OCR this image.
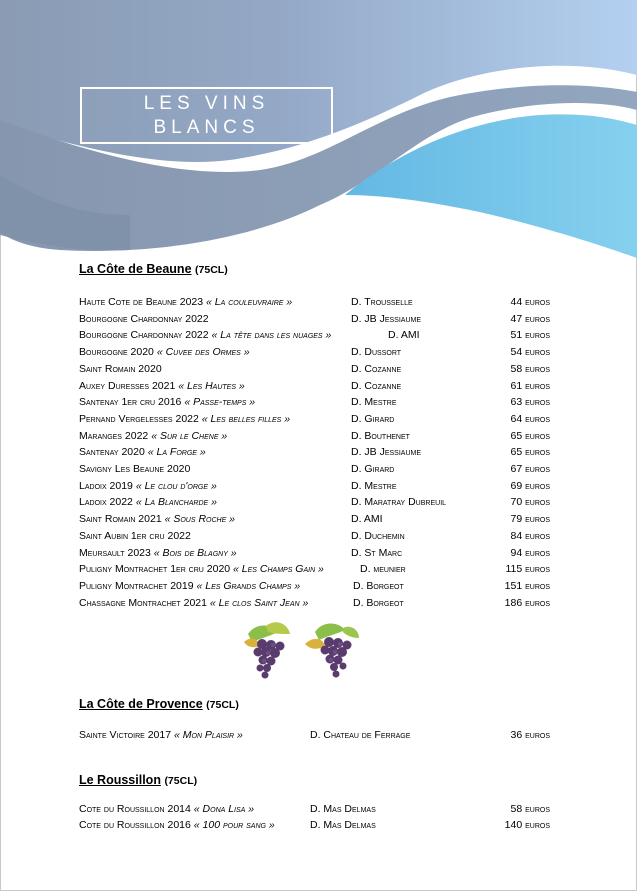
LES VINS
BLANCS
La Côte de Beaune (75CL)
Haute Cote de Beaune 2023 « La couleuvraire »	D. Trousselle	44 euros
Bourgogne Chardonnay 2022	D. JB Jessiaume	47 euros
Bourgogne Chardonnay 2022 « La tête dans les nuages »	D. AMI	51 euros
Bourgogne 2020 « Cuvee des Ormes »	D. Dussort	54 euros
Saint Romain 2020	D. Cozanne	58 euros
Auxey Duresses 2021 « Les Hautes »	D. Cozanne	61 euros
Santenay 1er cru 2016 « Passe-temps »	D. Mestre	63 euros
Pernand Vergelesses 2022 « Les belles filles »	D. Girard	64 euros
Maranges 2022 « Sur le Chene »	D. Bouthenet	65 euros
Santenay 2020 « La Forge »	D. JB Jessiaume	65 euros
Savigny Les Beaune 2020	D. Girard	67 euros
Ladoix 2019 « Le clou d'orge »	D. Mestre	69 euros
Ladoix 2022 « La Blancharde »	D. Maratray Dubreuil	70 euros
Saint Romain 2021 « Sous Roche »	D. AMI	79 euros
Saint Aubin 1er cru 2022	D. Duchemin	84 euros
Meursault 2023 « Bois de Blagny »	D. St Marc	94 euros
Puligny Montrachet 1er cru 2020 « Les Champs Gain »	D. meunier	115 euros
Puligny Montrachet 2019 « Les Grands Champs »	D. Borgeot	151 euros
Chassagne Montrachet 2021 « Le clos Saint Jean »	D. Borgeot	186 euros
La Côte de Provence (75CL)
Sainte Victoire 2017 « Mon Plaisir »	D. Chateau de Ferrage	36 euros
Le Roussillon (75CL)
Cote du Roussillon 2014 « Dona Lisa »	D. Mas Delmas	58 euros
Cote du Roussillon 2016 « 100 pour sang »	D. Mas Delmas	140 euros
